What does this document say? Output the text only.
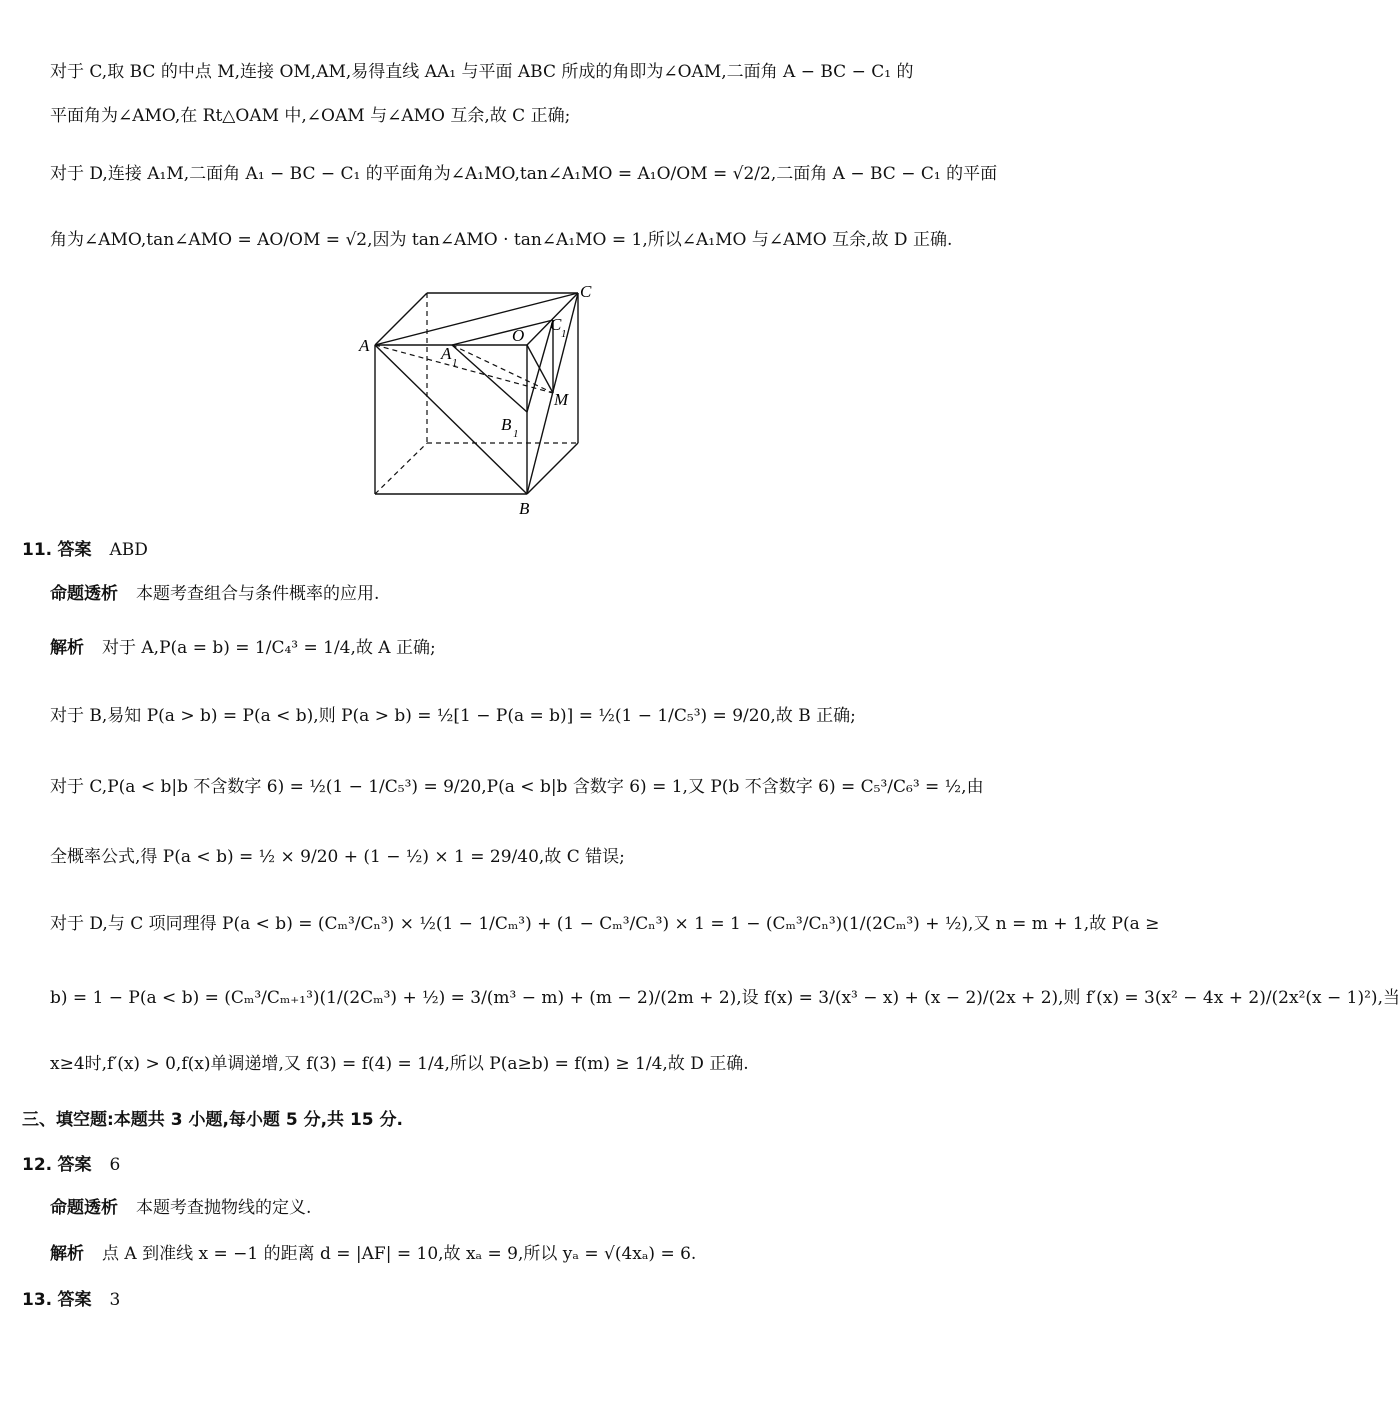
对于 C,取 BC 的中点 M,连接 OM,AM,易得直线 AA₁ 与平面 ABC 所成的角即为∠OAM,二面角 A − BC − C₁ 的
平面角为∠AMO,在 Rt△OAM 中,∠OAM 与∠AMO 互余,故 C 正确;
对于 D,连接 A₁M,二面角 A₁ − BC − C₁ 的平面角为∠A₁MO,tan∠A₁MO = A₁O/OM = √2/2,二面角 A − BC − C₁ 的平面
角为∠AMO,tan∠AMO = AO/OM = √2,因为 tan∠AMO · tan∠A₁MO = 1,所以∠A₁MO 与∠AMO 互余,故 D 正确.
A
C
O
C 1
A 1
M
B 1
B
11. 答案 ABD
命题透析 本题考查组合与条件概率的应用.
解析 对于 A,P(a = b) = 1/C₄³ = 1/4,故 A 正确;
对于 B,易知 P(a > b) = P(a < b),则 P(a > b) = ½[1 − P(a = b)] = ½(1 − 1/C₅³) = 9/20,故 B 正确;
对于 C,P(a < b|b 不含数字 6) = ½(1 − 1/C₅³) = 9/20,P(a < b|b 含数字 6) = 1,又 P(b 不含数字 6) = C₅³/C₆³ = ½,由
全概率公式,得 P(a < b) = ½ × 9/20 + (1 − ½) × 1 = 29/40,故 C 错误;
对于 D,与 C 项同理得 P(a < b) = (Cₘ³/Cₙ³) × ½(1 − 1/Cₘ³) + (1 − Cₘ³/Cₙ³) × 1 = 1 − (Cₘ³/Cₙ³)(1/(2Cₘ³) + ½),又 n = m + 1,故 P(a ≥
b) = 1 − P(a < b) = (Cₘ³/Cₘ₊₁³)(1/(2Cₘ³) + ½) = 3/(m³ − m) + (m − 2)/(2m + 2),设 f(x) = 3/(x³ − x) + (x − 2)/(2x + 2),则 f′(x) = 3(x² − 4x + 2)/(2x²(x − 1)²),当
x≥4时,f′(x) > 0,f(x)单调递增,又 f(3) = f(4) = 1/4,所以 P(a≥b) = f(m) ≥ 1/4,故 D 正确.
三、填空题:本题共 3 小题,每小题 5 分,共 15 分.
12. 答案 6
命题透析 本题考查抛物线的定义.
解析 点 A 到准线 x = −1 的距离 d = |AF| = 10,故 xₐ = 9,所以 yₐ = √(4xₐ) = 6.
13. 答案 3
